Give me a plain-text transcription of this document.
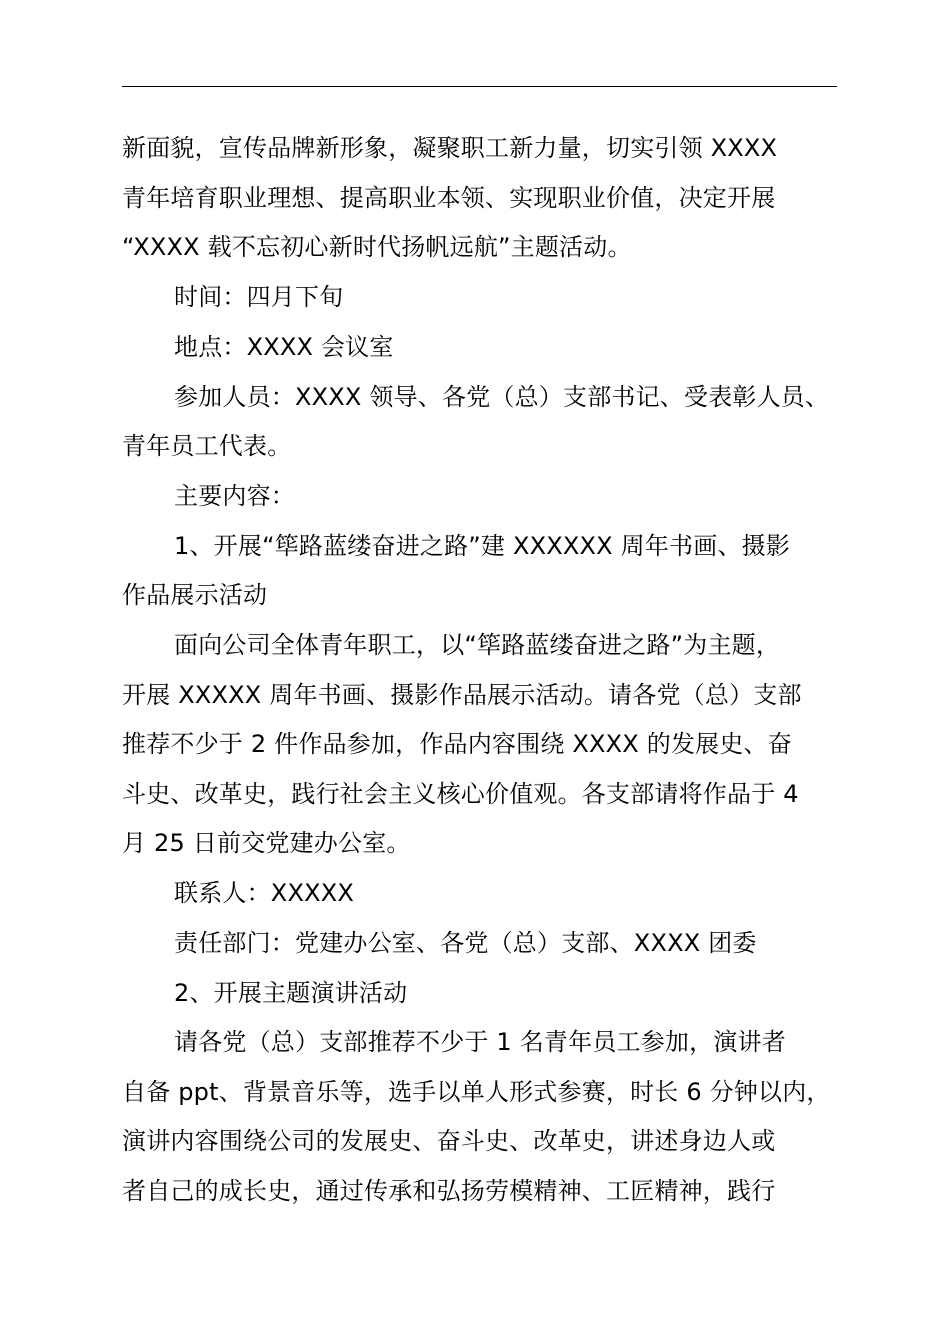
新面貌，宣传品牌新形象，凝聚职工新力量，切实引领 XXXX
青年培育职业理想、提高职业本领、实现职业价值，决定开展
“XXXX 载不忘初心新时代扬帆远航”主题活动。
时间：四月下旬
地点：XXXX 会议室
参加人员：XXXX 领导、各党（总）支部书记、受表彰人员、
青年员工代表。
主要内容：
1、开展“筚路蓝缕奋进之路”建 XXXXXX 周年书画、摄影
作品展示活动
面向公司全体青年职工，以“筚路蓝缕奋进之路”为主题，
开展 XXXXX 周年书画、摄影作品展示活动。请各党（总）支部
推荐不少于 2 件作品参加，作品内容围绕 XXXX 的发展史、奋
斗史、改革史，践行社会主义核心价值观。各支部请将作品于 4
月 25 日前交党建办公室。
联系人：XXXXX
责任部门：党建办公室、各党（总）支部、XXXX 团委
2、开展主题演讲活动
请各党（总）支部推荐不少于 1 名青年员工参加，演讲者
自备 ppt、背景音乐等，选手以单人形式参赛，时长 6 分钟以内，
演讲内容围绕公司的发展史、奋斗史、改革史，讲述身边人或
者自己的成长史，通过传承和弘扬劳模精神、工匠精神，践行
